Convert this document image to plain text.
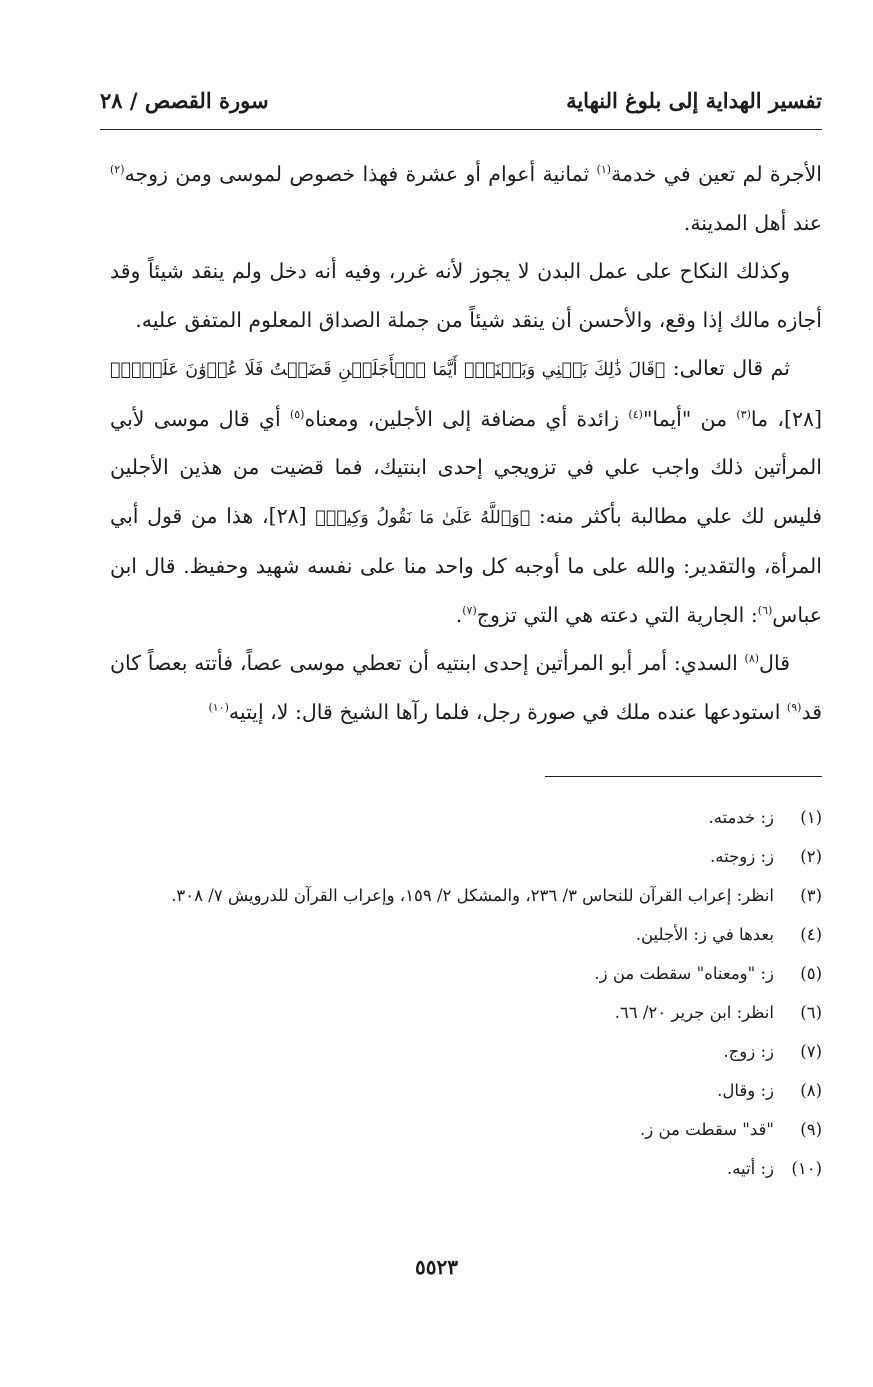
تفسير الهداية إلى بلوغ النهاية
سورة القصص / ٢٨

الأجرة لم تعين في خدمة$^{(١)}$ ثمانية أعوام أو عشرة فهذا خصوص لموسى ومن زوجه$^{(٢)}$ عند أهل المدينة.

وكذلك النكاح على عمل البدن لا يجوز لأنه غرر، وفيه أنه دخل ولم ينقد شيئاً وقد أجازه مالك إذا وقع، والأحسن أن ينقد شيئاً من جملة الصداق المعلوم المتفق عليه.

ثم قال تعالى: ﴿قَالَ ذَٰلِكَ بَيۡنِي وَبَيۡنَكَۖ أَيَّمَا ٱلۡأَجَلَيۡنِ قَضَيۡتُ فَلَا عُدۡوَٰنَ عَلَيَّۖ﴾ [٢٨]، ما$^{(٣)}$ من "أيما"$^{(٤)}$ زائدة أي مضافة إلى الأجلين، ومعناه$^{(٥)}$ أي قال موسى لأبي المرأتين ذلك واجب علي في تزويجي إحدى ابنتيك، فما قضيت من هذين الأجلين فليس لك علي مطالبة بأكثر منه: ﴿وَٱللَّهُ عَلَىٰ مَا نَقُولُ وَكِيلٞ﴾ [٢٨]، هذا من قول أبي المرأة، والتقدير: والله على ما أوجبه كل واحد منا على نفسه شهيد وحفيظ. قال ابن عباس$^{(٦)}$: الجارية التي دعته هي التي تزوج$^{(٧)}$.

قال$^{(٨)}$ السدي: أمر أبو المرأتين إحدى ابنتيه أن تعطي موسى عصاً، فأتته بعصاً كان قد$^{(٩)}$ استودعها عنده ملك في صورة رجل، فلما رآها الشيخ قال: لا، إيتيه$^{(١٠)}$

(١)
ز: خدمته.
(٢)
ز: زوجته.
(٣)
انظر: إعراب القرآن للنحاس ٣/ ٢٣٦، والمشكل ٢/ ١٥٩، وإعراب القرآن للدرويش ٧/ ٣٠٨.
(٤)
بعدها في ز: الأجلين.
(٥)
ز: "ومعناه" سقطت من ز.
(٦)
انظر: ابن جرير ٢٠/ ٦٦.
(٧)
ز: زوج.
(٨)
ز: وقال.
(٩)
"قد" سقطت من ز.
(١٠)
ز: أتيه.
٥٥٢٣
